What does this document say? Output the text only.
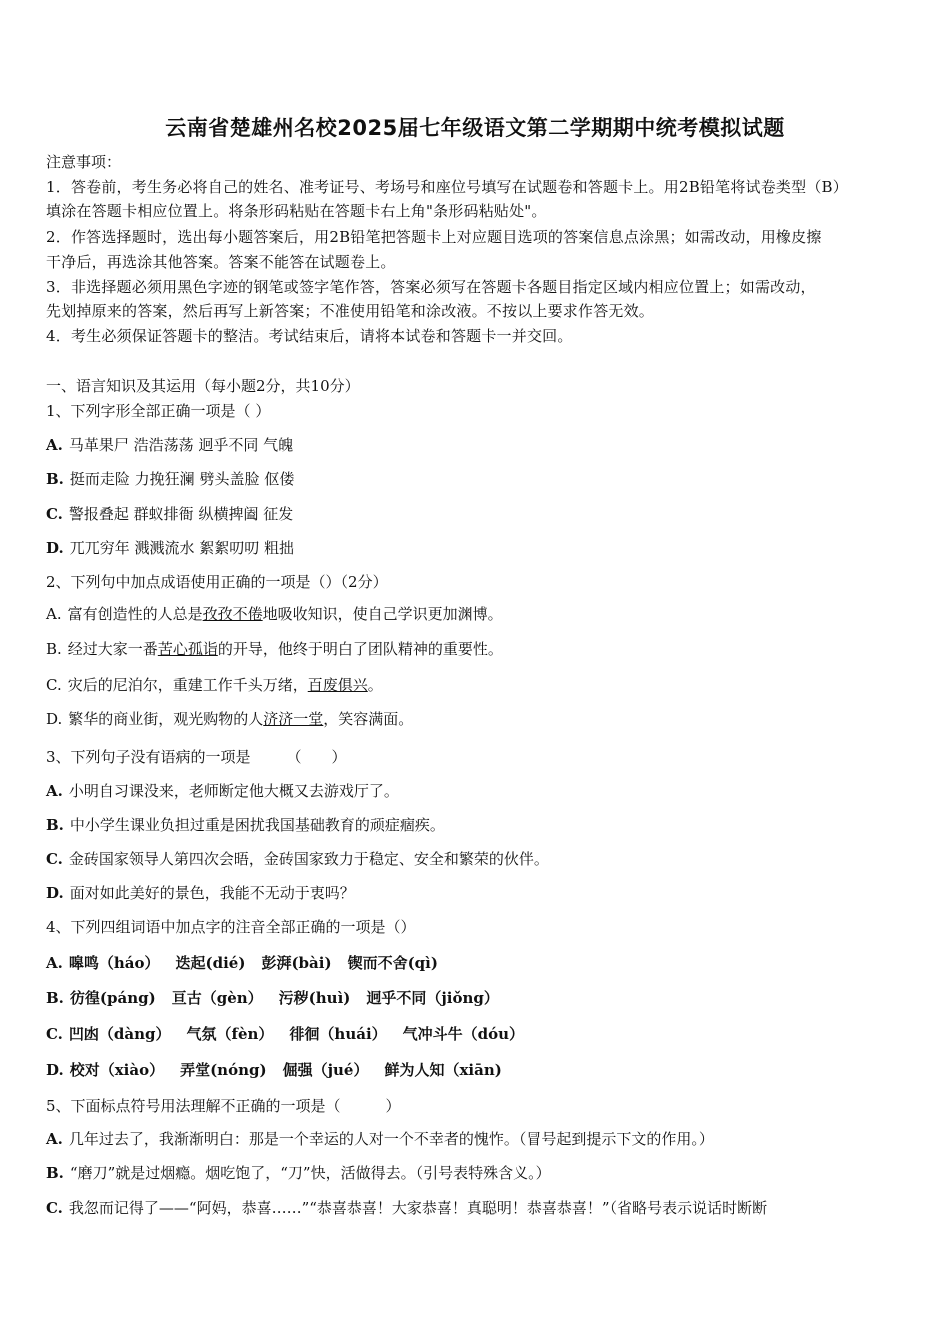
云南省楚雄州名校2025届七年级语文第二学期期中统考模拟试题
注意事项：
1．答卷前，考生务必将自己的姓名、准考证号、考场号和座位号填写在试题卷和答题卡上。用2B铅笔将试卷类型（B）
填涂在答题卡相应位置上。将条形码粘贴在答题卡右上角"条形码粘贴处"。
2．作答选择题时，选出每小题答案后，用2B铅笔把答题卡上对应题目选项的答案信息点涂黑；如需改动，用橡皮擦
干净后，再选涂其他答案。答案不能答在试题卷上。
3．非选择题必须用黑色字迹的钢笔或签字笔作答，答案必须写在答题卡各题目指定区域内相应位置上；如需改动，
先划掉原来的答案，然后再写上新答案；不准使用铅笔和涂改液。不按以上要求作答无效。
4．考生必须保证答题卡的整洁。考试结束后，请将本试卷和答题卡一并交回。
一、语言知识及其运用（每小题2分，共10分）
1、下列字形全部正确一项是（ ）
A. 马革果尸 浩浩荡荡 迥乎不同 气魄
B. 挺而走险 力挽狂澜 劈头盖脸 伛偻
C. 警报叠起 群蚁排衙 纵横捭阖 征发
D. 兀兀穷年 溅溅流水 絮絮叨叨 粗拙
2、下列句中加点成语使用正确的一项是（）（2分）
A. 富有创造性的人总是孜孜不倦地吸收知识，使自己学识更加渊博。
B. 经过大家一番苦心孤诣的开导，他终于明白了团队精神的重要性。
C. 灾后的尼泊尔，重建工作千头万绪，百废俱兴。
D. 繁华的商业街，观光购物的人济济一堂，笑容满面。
3、下列句子没有语病的一项是 （　　）
A. 小明自习课没来，老师断定他大概又去游戏厅了。
B. 中小学生课业负担过重是困扰我国基础教育的顽症痼疾。
C. 金砖国家领导人第四次会晤，金砖国家致力于稳定、安全和繁荣的伙伴。
D. 面对如此美好的景色，我能不无动于衷吗？
4、下列四组词语中加点字的注音全部正确的一项是（）
A. 嗥鸣（háo） 迭起(dié) 彭湃(bài) 锲而不舍(qì)
B. 彷徨(páng) 亘古（gèn） 污秽(huì) 迥乎不同（jiǒng）
C. 凹凼（dàng） 气氛（fèn） 徘徊（huái） 气冲斗牛（dóu）
D. 校对（xiào） 弄堂(nóng) 倔强（jué） 鲜为人知（xiān)
5、下面标点符号用法理解不正确的一项是（　　　）
A. 几年过去了，我渐渐明白：那是一个幸运的人对一个不幸者的愧怍。（冒号起到提示下文的作用。）
B. “磨刀”就是过烟瘾。烟吃饱了，“刀”快，活做得去。（引号表特殊含义。）
C. 我忽而记得了——“阿妈，恭喜……”“恭喜恭喜！大家恭喜！真聪明！恭喜恭喜！”（省略号表示说话时断断
